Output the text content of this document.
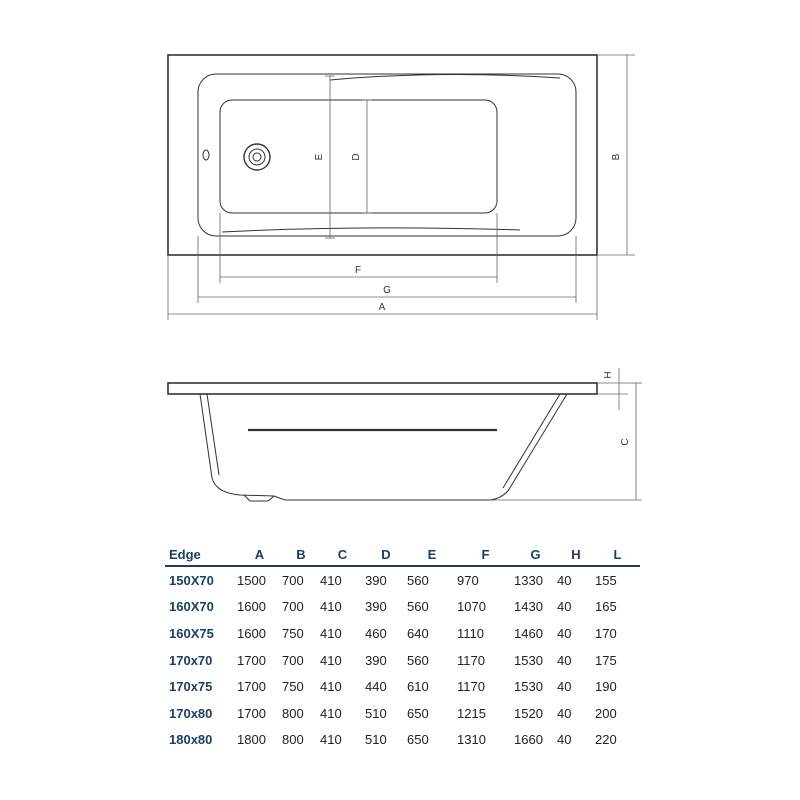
E	D	B
F
G
A
H
C
Edge	A	B	C	D	E	F	G	H	L
150X70	1500	700	410	390	560	970	1330	40	155
160X70	1600	700	410	390	560	1070	1430	40	165
160X75	1600	750	410	460	640	1110	1460	40	170
170x70	1700	700	410	390	560	1170	1530	40	175
170x75	1700	750	410	440	610	1170	1530	40	190
170x80	1700	800	410	510	650	1215	1520	40	200
180x80	1800	800	410	510	650	1310	1660	40	220
